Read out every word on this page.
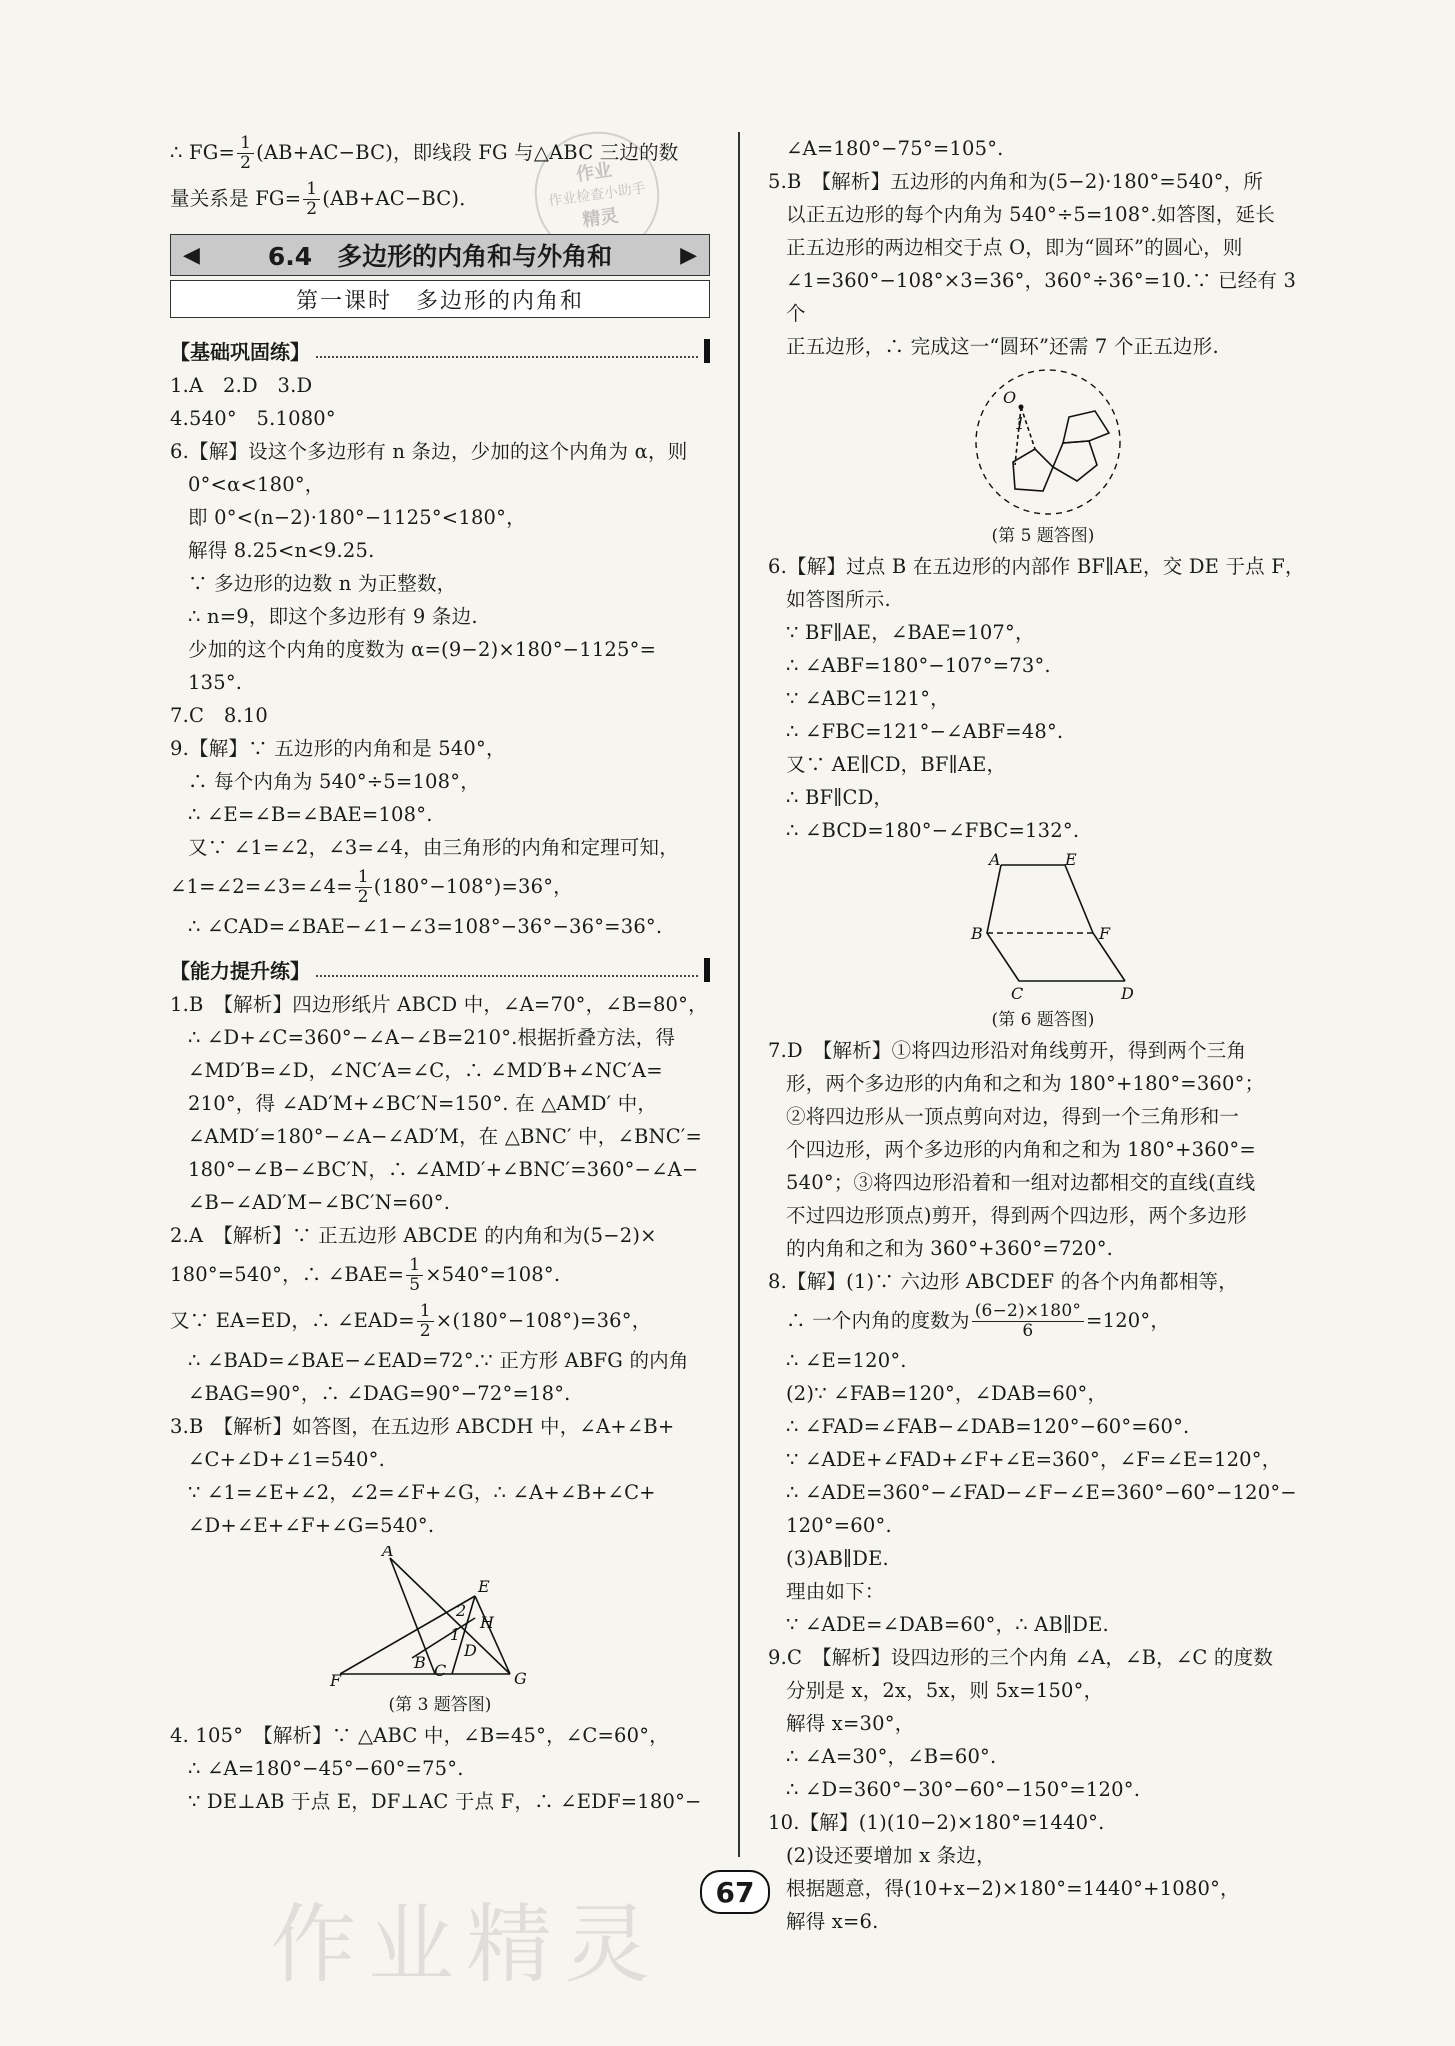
作业
作业检查小助手
精灵
∴ $FG= \frac{1}{2} (AB+AC-BC)$，即线段 FG 与△ABC 三边的数
量关系是 $FG= \frac{1}{2} (AB+AC-BC)$．
◀	6.4　多边形的内角和与外角和	▶
第一课时　多边形的内角和
【基础巩固练】
1.A　2.D　3.D
4.540°　5.1080°
6.【解】设这个多边形有 n 条边，少加的这个内角为 α，则
0°<α<180°，
即 0°<(n−2)·180°−1125°<180°，
解得 8.25<n<9.25.
∵ 多边形的边数 n 为正整数，
∴ n=9，即这个多边形有 9 条边.
少加的这个内角的度数为 α=(9−2)×180°−1125°=
135°.
7.C　8.10
9.【解】∵ 五边形的内角和是 540°，
∴ 每个内角为 540°÷5=108°，
∴ ∠E=∠B=∠BAE=108°.
又∵ ∠1=∠2，∠3=∠4，由三角形的内角和定理可知，
∠1=∠2=∠3=∠4= $\frac{1}{2} (180^\circ-108^\circ)=36^\circ$，
∴ ∠CAD=∠BAE−∠1−∠3=108°−36°−36°=36°.
【能力提升练】
1.B　【解析】四边形纸片 ABCD 中，∠A=70°，∠B=80°，
∴ ∠D+∠C=360°−∠A−∠B=210°.根据折叠方法，得
∠MD′B=∠D，∠NC′A=∠C，∴ ∠MD′B+∠NC′A=
210°，得 ∠AD′M+∠BC′N=150°. 在 △AMD′ 中，
∠AMD′=180°−∠A−∠AD′M，在 △BNC′ 中，∠BNC′=
180°−∠B−∠BC′N，∴ ∠AMD′+∠BNC′=360°−∠A−
∠B−∠AD′M−∠BC′N=60°.
2.A　【解析】∵ 正五边形 ABCDE 的内角和为(5−2)×
180°=540°，∴ ∠BAE= $\frac{1}{5} \times 540^\circ=108^\circ$.
又∵ EA=ED，∴ ∠EAD= $\frac{1}{2} \times(180^\circ-108^\circ)=36^\circ$，
∴ ∠BAD=∠BAE−∠EAD=72°.∵ 正方形 ABFG 的内角
∠BAG=90°，∴ ∠DAG=90°−72°=18°.
3.B　【解析】如答图，在五边形 ABCDH 中，∠A+∠B+
∠C+∠D+∠1=540°.
∵ ∠1=∠E+∠2，∠2=∠F+∠G，∴ ∠A+∠B+∠C+
∠D+∠E+∠F+∠G=540°.
A
E
2
H
1
D
B C
F	G
(第 3 题答图)
4. 105°　【解析】∵ △ABC 中，∠B=45°，∠C=60°，
∴ ∠A=180°−45°−60°=75°.
∵ DE⊥AB 于点 E，DF⊥AC 于点 F，∴ ∠EDF=180°−
∠A=180°−75°=105°.
5.B　【解析】五边形的内角和为(5−2)·180°=540°，所
以正五边形的每个内角为 540°÷5=108°.如答图，延长
正五边形的两边相交于点 O，即为“圆环”的圆心，则
∠1=360°−108°×3=36°，360°÷36°=10.∵ 已经有 3 个
正五边形，∴ 完成这一“圆环”还需 7 个正五边形.
O
1
(第 5 题答图)
6.【解】过点 B 在五边形的内部作 BF∥AE，交 DE 于点 F，
如答图所示.
∵ BF∥AE，∠BAE=107°，
∴ ∠ABF=180°−107°=73°.
∵ ∠ABC=121°，
∴ ∠FBC=121°−∠ABF=48°.
又∵ AE∥CD，BF∥AE，
∴ BF∥CD，
∴ ∠BCD=180°−∠FBC=132°.
A	E
B	F
C	D
(第 6 题答图)
7.D　【解析】①将四边形沿对角线剪开，得到两个三角
形，两个多边形的内角和之和为 180°+180°=360°；
②将四边形从一顶点剪向对边，得到一个三角形和一
个四边形，两个多边形的内角和之和为 180°+360°=
540°；③将四边形沿着和一组对边都相交的直线(直线
不过四边形顶点)剪开，得到两个四边形，两个多边形
的内角和之和为 360°+360°=720°.
8.【解】(1)∵ 六边形 ABCDEF 的各个内角都相等，
∴ 一个内角的度数为 $\frac{(6-2)\times 180^\circ}{6} =120^\circ$，
∴ ∠E=120°.
(2)∵ ∠FAB=120°，∠DAB=60°，
∴ ∠FAD=∠FAB−∠DAB=120°−60°=60°.
∵ ∠ADE+∠FAD+∠F+∠E=360°，∠F=∠E=120°，
∴ ∠ADE=360°−∠FAD−∠F−∠E=360°−60°−120°−
120°=60°.
(3)AB∥DE.
理由如下：
∵ ∠ADE=∠DAB=60°，∴ AB∥DE.
9.C　【解析】设四边形的三个内角 ∠A，∠B，∠C 的度数
分别是 x，2x，5x，则 5x=150°，
解得 x=30°，
∴ ∠A=30°，∠B=60°.
∴ ∠D=360°−30°−60°−150°=120°.
10.【解】(1)(10−2)×180°=1440°.
(2)设还要增加 x 条边，
根据题意，得(10+x−2)×180°=1440°+1080°，
解得 x=6.
67
作业精灵
